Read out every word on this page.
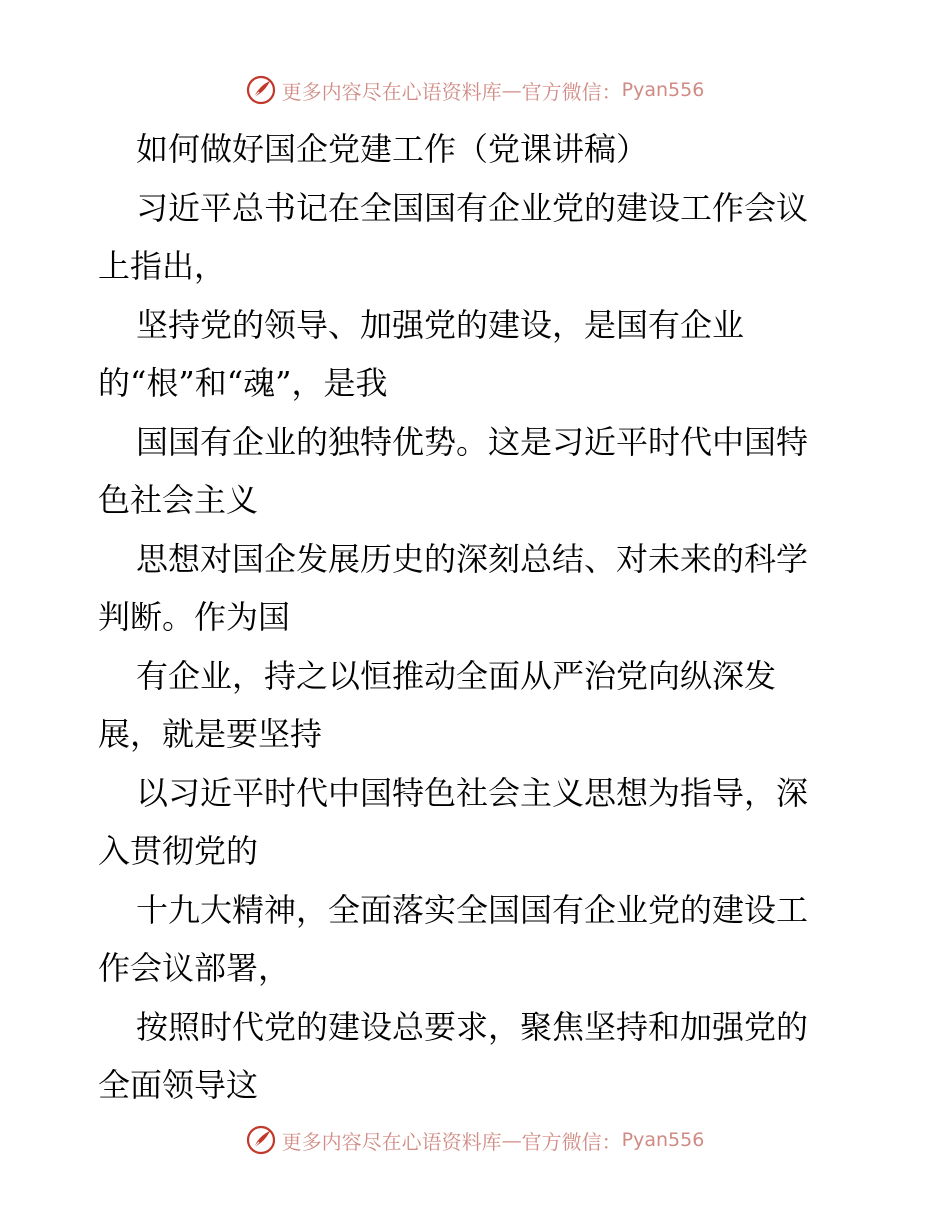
更多内容尽在心语资料库 — 官方微信： Pyan556
如何做好国企党建工作（党课讲稿）
习近平总书记在全国国有企业党的建设工作会议
上指出，
坚持党的领导、加强党的建设，是国有企业
的“根”和“魂”，是我
国国有企业的独特优势。这是习近平时代中国特
色社会主义
思想对国企发展历史的深刻总结、对未来的科学
判断。作为国
有企业，持之以恒推动全面从严治党向纵深发
展，就是要坚持
以习近平时代中国特色社会主义思想为指导，深
入贯彻党的
十九大精神，全面落实全国国有企业党的建设工
作会议部署，
按照时代党的建设总要求，聚焦坚持和加强党的
全面领导这
更多内容尽在心语资料库 — 官方微信： Pyan556
